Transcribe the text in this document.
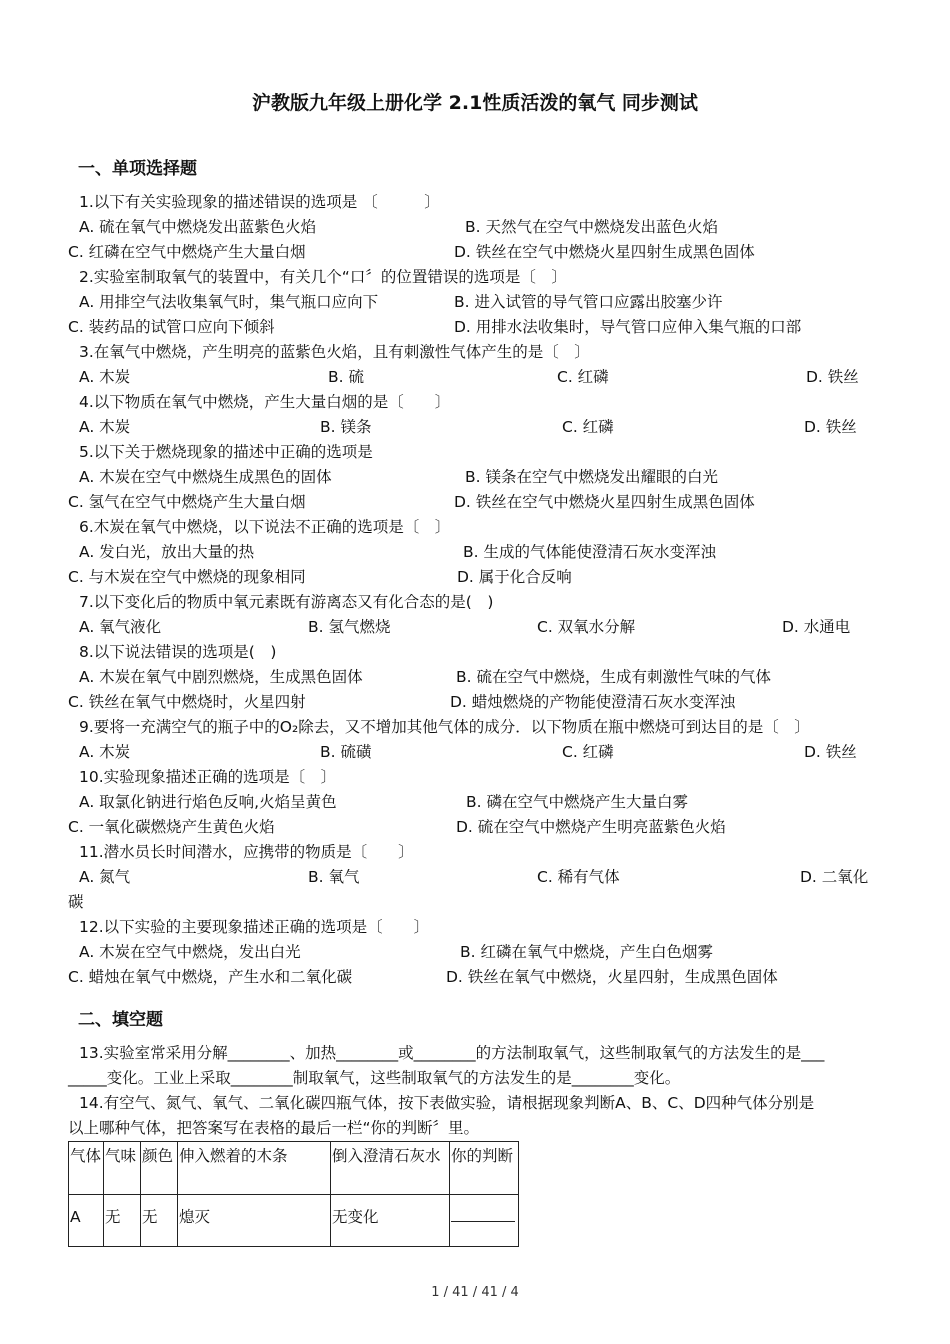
沪教版九年级上册化学 2.1性质活泼的氧气 同步测试
一、单项选择题
1.以下有关实验现象的描述错误的选项是 〔　　　〕
A. 硫在氧气中燃烧发出蓝紫色火焰	B. 天然气在空气中燃烧发出蓝色火焰
C. 红磷在空气中燃烧产生大量白烟	D. 铁丝在空气中燃烧火星四射生成黑色固体
2.实验室制取氧气的装置中，有关几个“口〞的位置错误的选项是〔　〕
A. 用排空气法收集氧气时，集气瓶口应向下	B. 进入试管的导气管口应露出胶塞少许
C. 装药品的试管口应向下倾斜	D. 用排水法收集时，导气管口应伸入集气瓶的口部
3.在氧气中燃烧，产生明亮的蓝紫色火焰，且有刺激性气体产生的是〔　〕
A. 木炭	B. 硫	C. 红磷	D. 铁丝
4.以下物质在氧气中燃烧，产生大量白烟的是〔　　〕
A. 木炭	B. 镁条	C. 红磷	D. 铁丝
5.以下关于燃烧现象的描述中正确的选项是
A. 木炭在空气中燃烧生成黑色的固体	B. 镁条在空气中燃烧发出耀眼的白光
C. 氢气在空气中燃烧产生大量白烟	D. 铁丝在空气中燃烧火星四射生成黑色固体
6.木炭在氧气中燃烧，以下说法不正确的选项是〔　〕
A. 发白光，放出大量的热	B. 生成的气体能使澄清石灰水变浑浊
C. 与木炭在空气中燃烧的现象相同	D. 属于化合反响
7.以下变化后的物质中氧元素既有游离态又有化合态的是(　)
A. 氧气液化	B. 氢气燃烧	C. 双氧水分解	D. 水通电
8.以下说法错误的选项是(　)
A. 木炭在氧气中剧烈燃烧，生成黑色固体	B. 硫在空气中燃烧，生成有刺激性气味的气体
C. 铁丝在氧气中燃烧时，火星四射	D. 蜡烛燃烧的产物能使澄清石灰水变浑浊
9.要将一充满空气的瓶子中的O₂除去，又不增加其他气体的成分．以下物质在瓶中燃烧可到达目的是〔　〕
A. 木炭	B. 硫磺	C. 红磷	D. 铁丝
10.实验现象描述正确的选项是〔　〕
A. 取氯化钠进行焰色反响,火焰呈黄色	B. 磷在空气中燃烧产生大量白雾
C. 一氧化碳燃烧产生黄色火焰	D. 硫在空气中燃烧产生明亮蓝紫色火焰
11.潜水员长时间潜水，应携带的物质是〔　　〕
A. 氮气	B. 氧气	C. 稀有气体	D. 二氧化
碳
12.以下实验的主要现象描述正确的选项是〔　　〕
A. 木炭在空气中燃烧，发出白光	B. 红磷在氧气中燃烧，产生白色烟雾
C. 蜡烛在氧气中燃烧，产生水和二氧化碳	D. 铁丝在氧气中燃烧，火星四射，生成黑色固体
二、填空题
13.实验室常采用分解________、加热________或________的方法制取氧气，这些制取氧气的方法发生的是___
_____变化。工业上采取________制取氧气，这些制取氧气的方法发生的是________变化。
14.有空气、氮气、氧气、二氧化碳四瓶气体，按下表做实验，请根据现象判断A、B、C、D四种气体分别是
以上哪种气体，把答案写在表格的最后一栏“你的判断〞里。
气体	气味	颜色	伸入燃着的木条	倒入澄清石灰水	你的判断

A	无	无	熄灭	无变化	

1 / 41 / 41 / 4
